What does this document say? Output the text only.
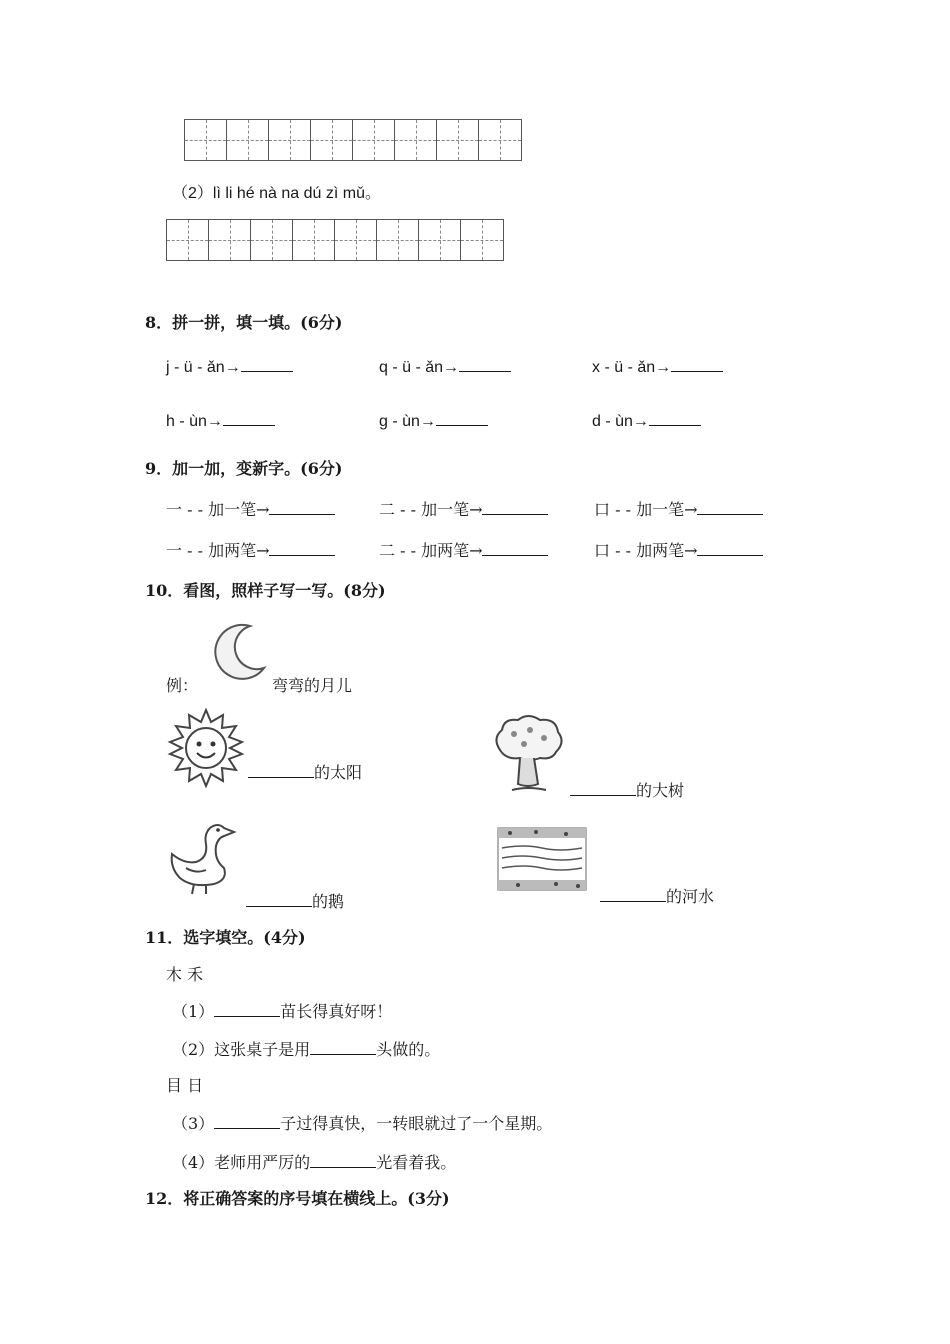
（2）lì li hé nà na dú zì mǔ。
8．拼一拼，填一填。(6分)
j - ü - ǎn→	q - ü - ǎn→	x - ü - ǎn→
h - ùn→	g - ùn→	d - ùn→
9．加一加，变新字。(6分)
一 - - 加一笔→	二 - - 加一笔→	口 - - 加一笔→
一 - - 加两笔→	二 - - 加两笔→	口 - - 加两笔→
10．看图，照样子写一写。(8分)
例：	弯弯的月儿
的太阳
的大树
的鹅	的河水
11．选字填空。(4分)
木 禾
（1）	苗长得真好呀！
（2）这张桌子是用	头做的。
目 日
（3）	子过得真快，一转眼就过了一个星期。
（4）老师用严厉的	光看着我。
12．将正确答案的序号填在横线上。(3分)
